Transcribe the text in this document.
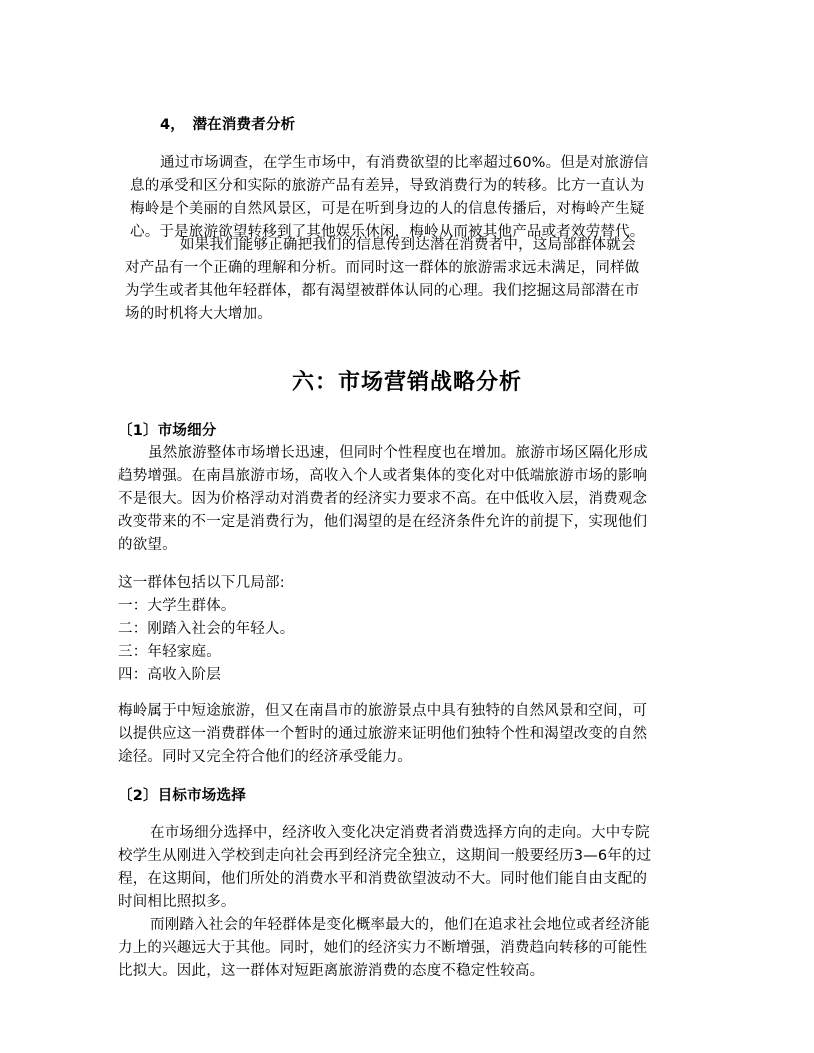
4，　潜在消费者分析
通过市场调查，在学生市场中，有消费欲望的比率超过60%。但是对旅游信
息的承受和区分和实际的旅游产品有差异，导致消费行为的转移。比方一直认为
梅岭是个美丽的自然风景区，可是在听到身边的人的信息传播后，对梅岭产生疑
心。于是旅游欲望转移到了其他娱乐休闲，梅岭从而被其他产品或者效劳替代。
如果我们能够正确把我们的信息传到达潜在消费者中，这局部群体就会
对产品有一个正确的理解和分析。而同时这一群体的旅游需求远未满足，同样做
为学生或者其他年轻群体，都有渴望被群体认同的心理。我们挖掘这局部潜在市
场的时机将大大增加。
六：市场营销战略分析
〔1〕市场细分
虽然旅游整体市场增长迅速，但同时个性程度也在增加。旅游市场区隔化形成
趋势增强。在南昌旅游市场，高收入个人或者集体的变化对中低端旅游市场的影响
不是很大。因为价格浮动对消费者的经济实力要求不高。在中低收入层，消费观念
改变带来的不一定是消费行为，他们渴望的是在经济条件允许的前提下，实现他们
的欲望。
这一群体包括以下几局部:
一：大学生群体。
二：刚踏入社会的年轻人。
三：年轻家庭。
四：高收入阶层
梅岭属于中短途旅游，但又在南昌市的旅游景点中具有独特的自然风景和空间，可
以提供应这一消费群体一个暂时的通过旅游来证明他们独特个性和渴望改变的自然
途径。同时又完全符合他们的经济承受能力。
〔2〕目标市场选择
在市场细分选择中，经济收入变化决定消费者消费选择方向的走向。大中专院
校学生从刚进入学校到走向社会再到经济完全独立，这期间一般要经历3—6年的过
程，在这期间，他们所处的消费水平和消费欲望波动不大。同时他们能自由支配的
时间相比照拟多。
而刚踏入社会的年轻群体是变化概率最大的，他们在追求社会地位或者经济能
力上的兴趣远大于其他。同时，她们的经济实力不断增强，消费趋向转移的可能性
比拟大。因此，这一群体对短距离旅游消费的态度不稳定性较高。
